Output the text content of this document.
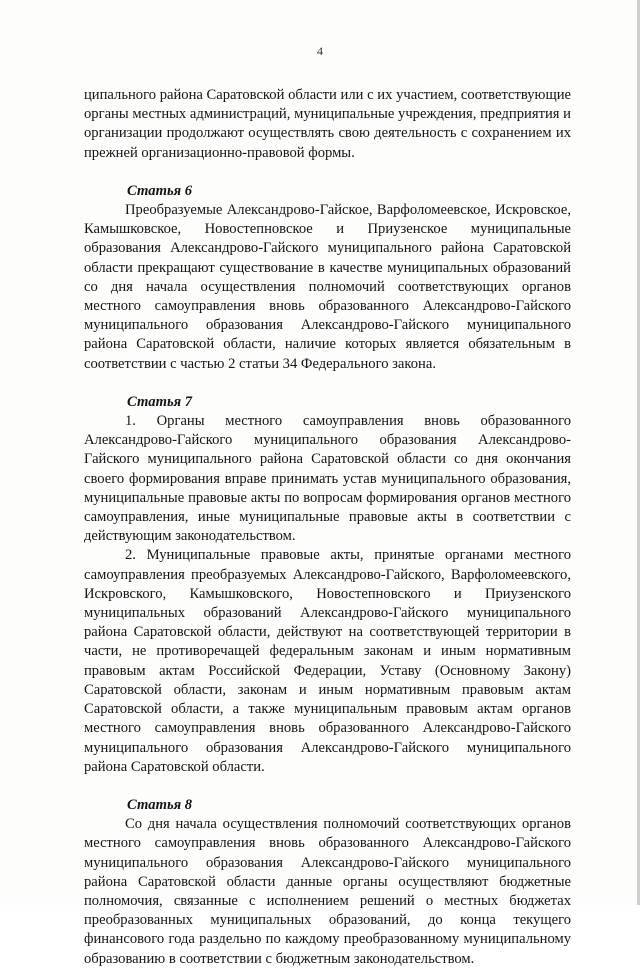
4

ципального района Саратовской области или с их участием, соответствующие органы местных администраций, муниципальные учреждения, предприятия и организации продолжают осуществлять свою деятельность с сохранением их прежней организационно-правовой формы.

Статья 6

Преобразуемые Александрово-Гайское, Варфоломеевское, Искровское, Камышковское, Новостепновское и Приузенское муниципальные образования Александрово-Гайского муниципального района Саратовской области прекращают существование в качестве муниципальных образований со дня начала осуществления полномочий соответствующих органов местного самоуправления вновь образованного Александрово-Гайского муниципального образования Александрово-Гайского муниципального района Саратовской области, наличие которых является обязательным в соответствии с частью 2 статьи 34 Федерального закона.

Статья 7

1. Органы местного самоуправления вновь образованного Александрово-Гайского муниципального образования Александрово-Гайского муниципального района Саратовской области со дня окончания своего формирования вправе принимать устав муниципального образования, муниципальные правовые акты по вопросам формирования органов местного самоуправления, иные муниципальные правовые акты в соответствии с действующим законодательством.

2. Муниципальные правовые акты, принятые органами местного самоуправления преобразуемых Александрово-Гайского, Варфоломеевского, Искровского, Камышковского, Новостепновского и Приузенского муниципальных образований Александрово-Гайского муниципального района Саратовской области, действуют на соответствующей территории в части, не противоречащей федеральным законам и иным нормативным правовым актам Российской Федерации, Уставу (Основному Закону) Саратовской области, законам и иным нормативным правовым актам Саратовской области, а также муниципальным правовым актам органов местного самоуправления вновь образованного Александрово-Гайского муниципального образования Александрово-Гайского муниципального района Саратовской области.

Статья 8

Со дня начала осуществления полномочий соответствующих органов местного самоуправления вновь образованного Александрово-Гайского муниципального образования Александрово-Гайского муниципального района Саратовской области данные органы осуществляют бюджетные полномочия, связанные с исполнением решений о местных бюджетах преобразованных муниципальных образований, до конца текущего финансового года раздельно по каждому преобразованному муниципальному образованию в соответствии с бюджетным законодательством.
